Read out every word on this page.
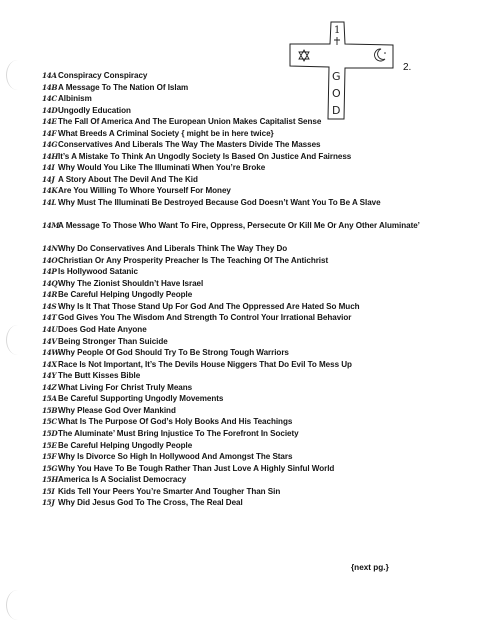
1
G
O
D
2.
14A Conspiracy Conspiracy
14B A Message To The Nation Of Islam
14C Albinism
14D Ungodly Education
14E The Fall Of America And The European Union Makes Capitalist Sense
14F What Breeds A Criminal Society { might be in here twice}
14G Conservatives And Liberals The Way The Masters Divide The Masses
14H It’s A Mistake To Think An Ungodly Society Is Based On Justice And Fairness
14I Why Would You Like The Illuminati When You’re Broke
14J A Story About The Devil And The Kid
14K Are You Willing To Whore Yourself For Money
14L Why Must The Illuminati Be Destroyed Because God Doesn’t Want You To Be A Slave
14M
A Message To Those Who Want To Fire, Oppress, Persecute Or Kill Me Or Any Other Aluminate’
14N Why Do Conservatives And Liberals Think The Way They Do
14O Christian Or Any Prosperity Preacher Is The Teaching Of The Antichrist
14P Is Hollywood Satanic
14Q Why The Zionist Shouldn’t Have Israel
14R Be Careful Helping Ungodly People
14S Why Is It That Those Stand Up For God And The Oppressed Are Hated So Much
14T God Gives You The Wisdom And Strength To Control Your Irrational Behavior
14U Does God Hate Anyone
14V Being Stronger Than Suicide
14W
Why People Of God Should Try To Be Strong Tough Warriors
14X Race Is Not Important, It’s The Devils House Niggers That Do Evil To Mess Up
14Y The Butt Kisses Bible
14Z What Living For Christ Truly Means
15A Be Careful Supporting Ungodly Movements
15B Why Please God Over Mankind
15C What Is The Purpose Of God’s Holy Books And His Teachings
15D The Aluminate’ Must Bring Injustice To The Forefront In Society
15E Be Careful Helping Ungodly People
15F Why Is Divorce So High In Hollywood And Amongst The Stars
15G Why You Have To Be Tough Rather Than Just Love A Highly Sinful World
15H America Is A Socialist Democracy
15I Kids Tell Your Peers You’re Smarter And Tougher Than Sin
15J Why Did Jesus God To The Cross, The Real Deal
{next pg.}
